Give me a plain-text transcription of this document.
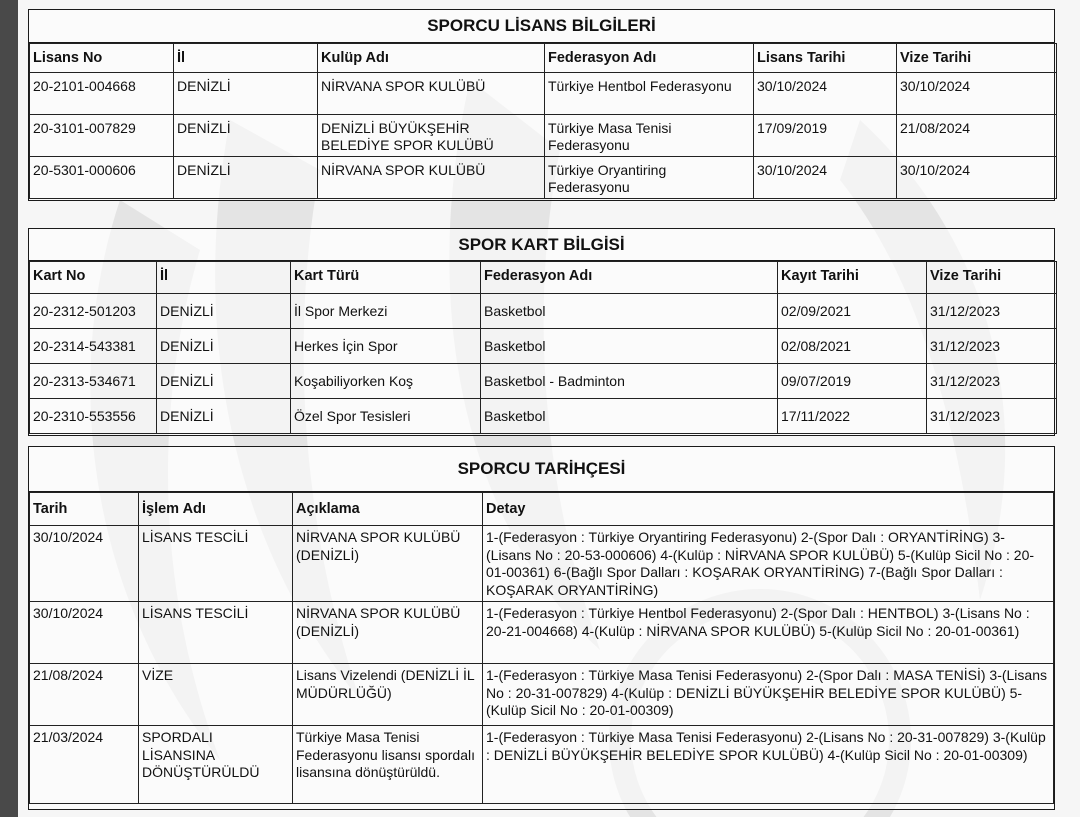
SPORCU LİSANS BİLGİLERİ
Lisans No	İl	Kulüp Adı	Federasyon Adı	Lisans Tarihi	Vize Tarihi
20-2101-004668	DENİZLİ	NİRVANA SPOR KULÜBÜ	Türkiye Hentbol Federasyonu	30/10/2024	30/10/2024
20-3101-007829	DENİZLİ	DENİZLİ BÜYÜKŞEHİR BELEDİYE SPOR KULÜBÜ	Türkiye Masa Tenisi Federasyonu	17/09/2019	21/08/2024
20-5301-000606	DENİZLİ	NİRVANA SPOR KULÜBÜ	Türkiye Oryantiring Federasyonu	30/10/2024	30/10/2024
SPOR KART BİLGİSİ
Kart No	İl	Kart Türü	Federasyon Adı	Kayıt Tarihi	Vize Tarihi
20-2312-501203	DENİZLİ	İl Spor Merkezi	Basketbol	02/09/2021	31/12/2023
20-2314-543381	DENİZLİ	Herkes İçin Spor	Basketbol	02/08/2021	31/12/2023
20-2313-534671	DENİZLİ	Koşabiliyorken Koş	Basketbol - Badminton	09/07/2019	31/12/2023
20-2310-553556	DENİZLİ	Özel Spor Tesisleri	Basketbol	17/11/2022	31/12/2023
SPORCU TARİHÇESİ
Tarih	İşlem Adı	Açıklama	Detay
30/10/2024	LİSANS TESCİLİ	NİRVANA SPOR KULÜBÜ (DENİZLİ)	1-(Federasyon : Türkiye Oryantiring Federasyonu) 2-(Spor Dalı : ORYANTİRİNG) 3-(Lisans No : 20-53-000606) 4-(Kulüp : NİRVANA SPOR KULÜBÜ) 5-(Kulüp Sicil No : 20-01-00361) 6-(Bağlı Spor Dalları : KOŞARAK ORYANTİRİNG) 7-(Bağlı Spor Dalları : KOŞARAK ORYANTİRİNG)
30/10/2024	LİSANS TESCİLİ	NİRVANA SPOR KULÜBÜ (DENİZLİ)	1-(Federasyon : Türkiye Hentbol Federasyonu) 2-(Spor Dalı : HENTBOL) 3-(Lisans No : 20-21-004668) 4-(Kulüp : NİRVANA SPOR KULÜBÜ) 5-(Kulüp Sicil No : 20-01-00361)
21/08/2024	VİZE	Lisans Vizelendi (DENİZLİ İL MÜDÜRLÜĞÜ)	1-(Federasyon : Türkiye Masa Tenisi Federasyonu) 2-(Spor Dalı : MASA TENİSİ) 3-(Lisans No : 20-31-007829) 4-(Kulüp : DENİZLİ BÜYÜKŞEHİR BELEDİYE SPOR KULÜBÜ) 5-(Kulüp Sicil No : 20-01-00309)
21/03/2024	SPORDALI LİSANSINA DÖNÜŞTÜRÜLDÜ	Türkiye Masa Tenisi Federasyonu lisansı spordalı lisansına dönüştürüldü.	1-(Federasyon : Türkiye Masa Tenisi Federasyonu) 2-(Lisans No : 20-31-007829) 3-(Kulüp : DENİZLİ BÜYÜKŞEHİR BELEDİYE SPOR KULÜBÜ) 4-(Kulüp Sicil No : 20-01-00309)
